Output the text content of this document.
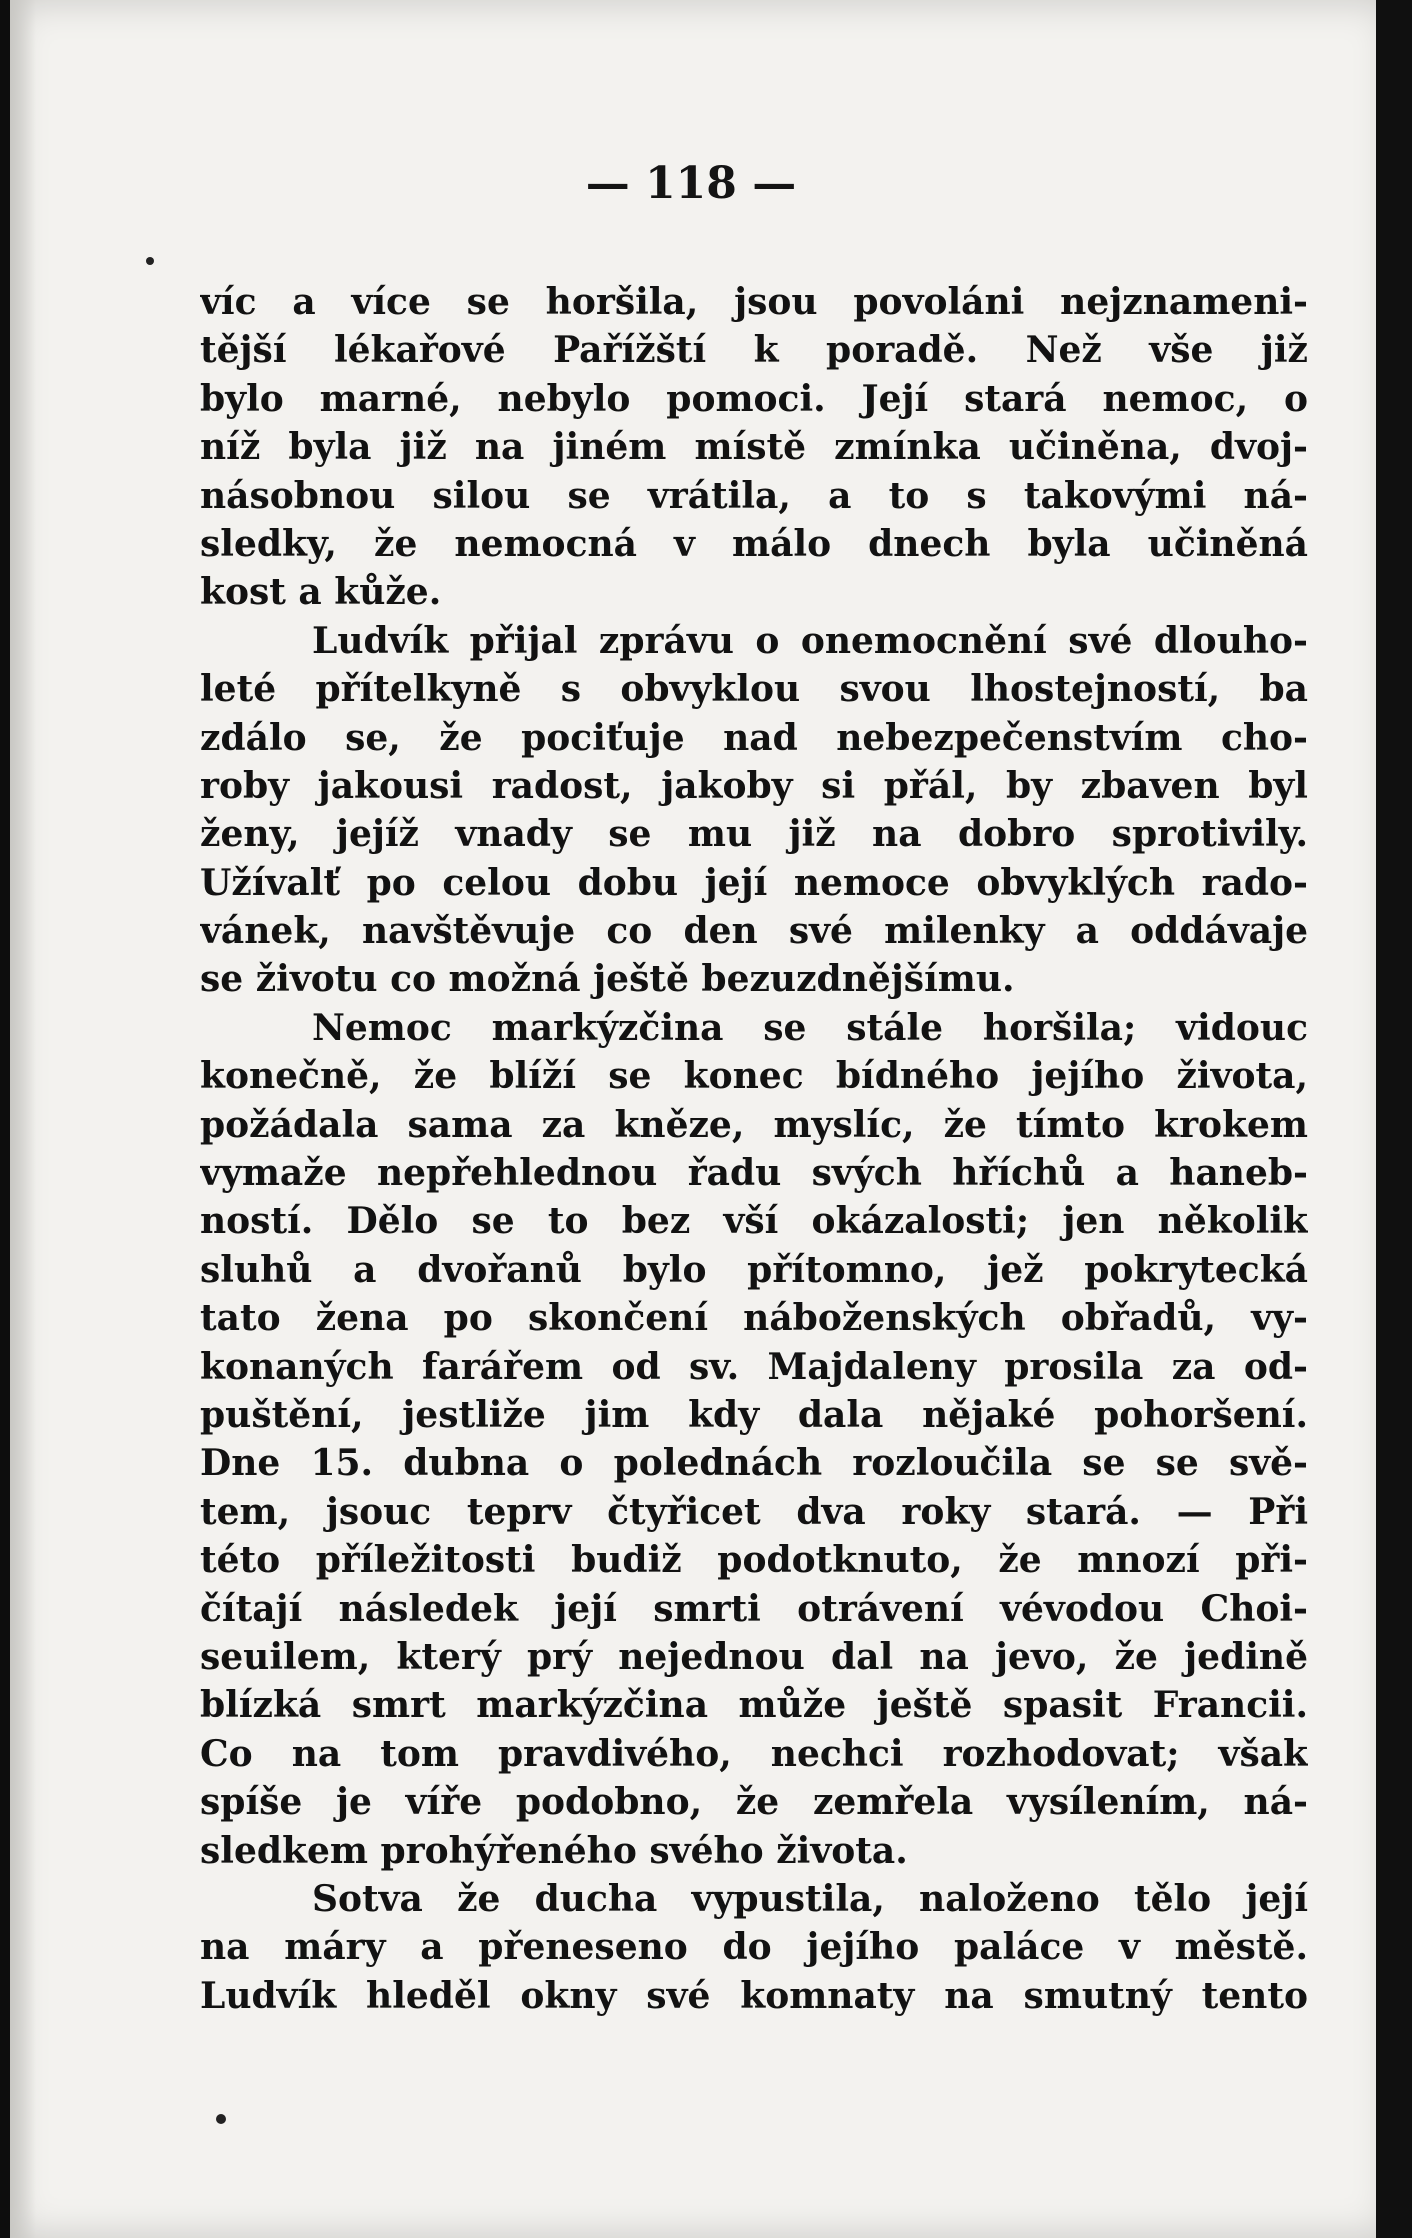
— 118 —
víc a více se horšila, jsou povoláni nejznameni-
tější lékařové Pařížští k poradě. Než vše již
bylo marné, nebylo pomoci. Její stará nemoc, o
níž byla již na jiném místě zmínka učiněna, dvoj-
násobnou silou se vrátila, a to s takovými ná-
sledky, že nemocná v málo dnech byla učiněná
kost a kůže.
Ludvík přijal zprávu o onemocnění své dlouho-
leté přítelkyně s obvyklou svou lhostejností, ba
zdálo se, že pociťuje nad nebezpečenstvím cho-
roby jakousi radost, jakoby si přál, by zbaven byl
ženy, jejíž vnady se mu již na dobro sprotivily.
Užívalť po celou dobu její nemoce obvyklých rado-
vánek, navštěvuje co den své milenky a oddávaje
se životu co možná ještě bezuzdnějšímu.
Nemoc markýzčina se stále horšila; vidouc
konečně, že blíží se konec bídného jejího života,
požádala sama za kněze, myslíc, že tímto krokem
vymaže nepřehlednou řadu svých hříchů a haneb-
ností. Dělo se to bez vší okázalosti; jen několik
sluhů a dvořanů bylo přítomno, jež pokrytecká
tato žena po skončení náboženských obřadů, vy-
konaných farářem od sv. Majdaleny prosila za od-
puštění, jestliže jim kdy dala nějaké pohoršení.
Dne 15. dubna o polednách rozloučila se se svě-
tem, jsouc teprv čtyřicet dva roky stará. — Při
této příležitosti budiž podotknuto, že mnozí při-
čítají následek její smrti otrávení vévodou Choi-
seuilem, který prý nejednou dal na jevo, že jedině
blízká smrt markýzčina může ještě spasit Francii.
Co na tom pravdivého, nechci rozhodovat; však
spíše je víře podobno, že zemřela vysílením, ná-
sledkem prohýřeného svého života.
Sotva že ducha vypustila, naloženo tělo její
na máry a přeneseno do jejího paláce v městě.
Ludvík hleděl okny své komnaty na smutný tento
